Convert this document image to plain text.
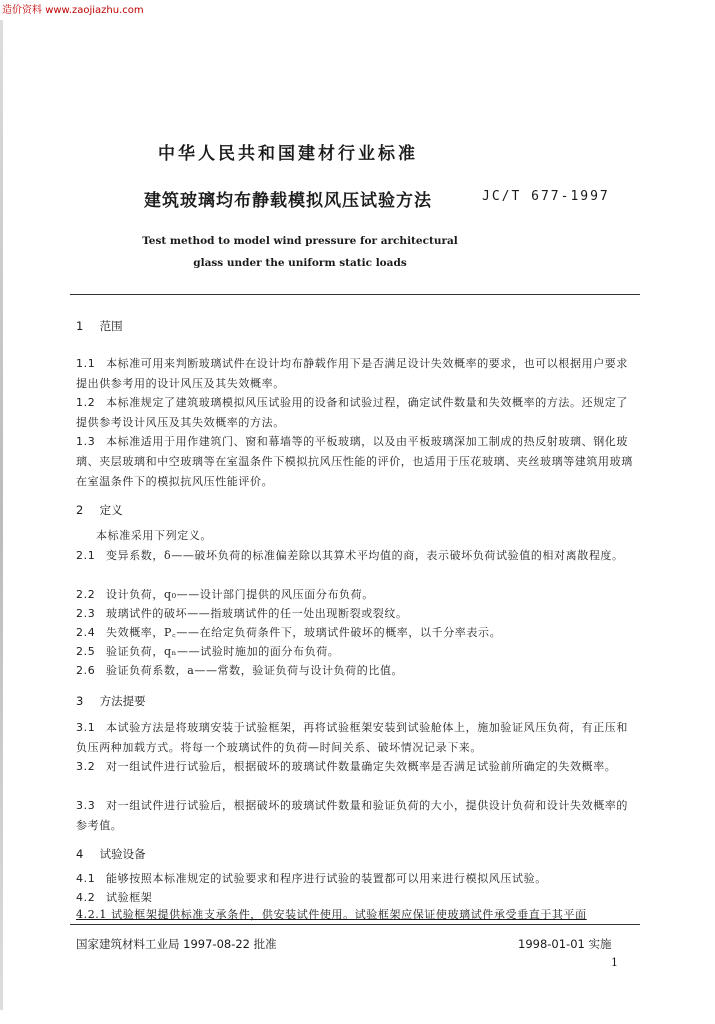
造价资料 www.zaojiazhu.com
中华人民共和国建材行业标准
建筑玻璃均布静载模拟风压试验方法	JC/T 677-1997
Test method to model wind pressure for architectural
glass under the uniform static loads
1 范围
1.1 本标准可用来判断玻璃试件在设计均布静载作用下是否满足设计失效概率的要求，也可以根据用户要求提出供参考用的设计风压及其失效概率。
1.2 本标准规定了建筑玻璃模拟风压试验用的设备和试验过程，确定试件数量和失效概率的方法。还规定了提供参考设计风压及其失效概率的方法。
1.3 本标准适用于用作建筑门、窗和幕墙等的平板玻璃，以及由平板玻璃深加工制成的热反射玻璃、钢化玻璃、夹层玻璃和中空玻璃等在室温条件下模拟抗风压性能的评价，也适用于压花玻璃、夹丝玻璃等建筑用玻璃在室温条件下的模拟抗风压性能评价。
2 定义
本标准采用下列定义。
2.1 变异系数，δ——破坏负荷的标准偏差除以其算术平均值的商，表示破坏负荷试验值的相对离散程度。
2.2 设计负荷，q₀——设计部门提供的风压面分布负荷。
2.3 玻璃试件的破坏——指玻璃试件的任一处出现断裂或裂纹。
2.4 失效概率，P꜀——在给定负荷条件下，玻璃试件破坏的概率，以千分率表示。
2.5 验证负荷，qₙ——试验时施加的面分布负荷。
2.6 验证负荷系数，a——常数，验证负荷与设计负荷的比值。
3 方法提要
3.1 本试验方法是将玻璃安装于试验框架，再将试验框架安装到试验舱体上，施加验证风压负荷，有正压和负压两种加载方式。将每一个玻璃试件的负荷—时间关系、破坏情况记录下来。
3.2 对一组试件进行试验后，根据破坏的玻璃试件数量确定失效概率是否满足试验前所确定的失效概率。
3.3 对一组试件进行试验后，根据破坏的玻璃试件数量和验证负荷的大小，提供设计负荷和设计失效概率的参考值。
4 试验设备
4.1 能够按照本标准规定的试验要求和程序进行试验的装置都可以用来进行模拟风压试验。
4.2 试验框架
4.2.1 试验框架提供标准支承条件，供安装试件使用。试验框架应保证使玻璃试件承受垂直于其平面
国家建筑材料工业局 1997-08-22 批准	1998-01-01 实施
1
